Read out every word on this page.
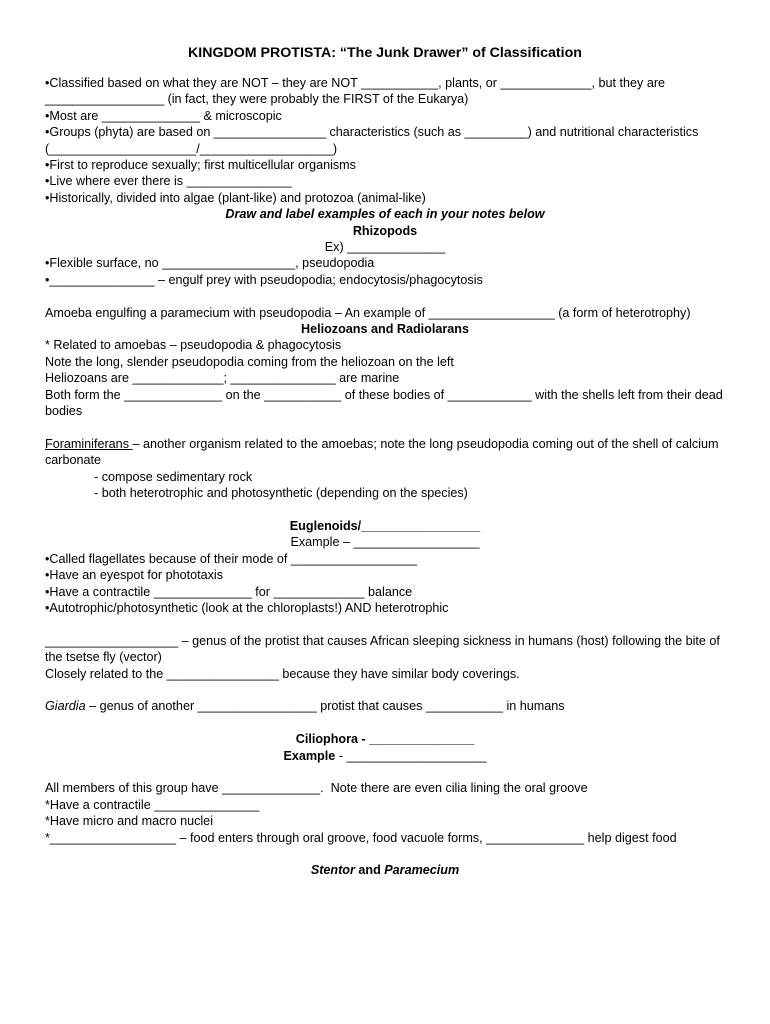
KINGDOM PROTISTA: “The Junk Drawer” of Classification
•Classified based on what they are NOT – they are NOT ___________, plants, or _____________, but they are _________________ (in fact, they were probably the FIRST of the Eukarya)
•Most are ______________ & microscopic
•Groups (phyta) are based on ________________ characteristics (such as _________) and nutritional characteristics (_____________________/___________________)
•First to reproduce sexually; first multicellular organisms
•Live where ever there is _______________
•Historically, divided into algae (plant-like) and protozoa (animal-like)
Draw and label examples of each in your notes below
Rhizopods
Ex) ______________
•Flexible surface, no ___________________, pseudopodia
•_______________ – engulf prey with pseudopodia; endocytosis/phagocytosis
Amoeba engulfing a paramecium with pseudopodia – An example of __________________ (a form of heterotrophy)
Heliozoans and Radiolarans
* Related to amoebas – pseudopodia & phagocytosis
Note the long, slender pseudopodia coming from the heliozoan on the left
Heliozoans are _____________; _______________ are marine
Both form the ______________ on the ___________ of these bodies of ____________ with the shells left from their dead bodies
Foraminiferans – another organism related to the amoebas; note the long pseudopodia coming out of the shell of calcium carbonate
- compose sedimentary rock
- both heterotrophic and photosynthetic (depending on the species)
Euglenoids/_________________
Example – __________________
•Called flagellates because of their mode of __________________
•Have an eyespot for phototaxis
•Have a contractile ______________ for _____________ balance
•Autotrophic/photosynthetic (look at the chloroplasts!) AND heterotrophic
___________________ – genus of the protist that causes African sleeping sickness in humans (host) following the bite of the tsetse fly (vector)
Closely related to the ________________ because they have similar body coverings.
Giardia – genus of another _________________ protist that causes ___________ in humans
Ciliophora - _______________
Example - ____________________
All members of this group have ______________.  Note there are even cilia lining the oral groove
*Have a contractile _______________
*Have micro and macro nuclei
*__________________ – food enters through oral groove, food vacuole forms, ______________ help digest food
Stentor and Paramecium
